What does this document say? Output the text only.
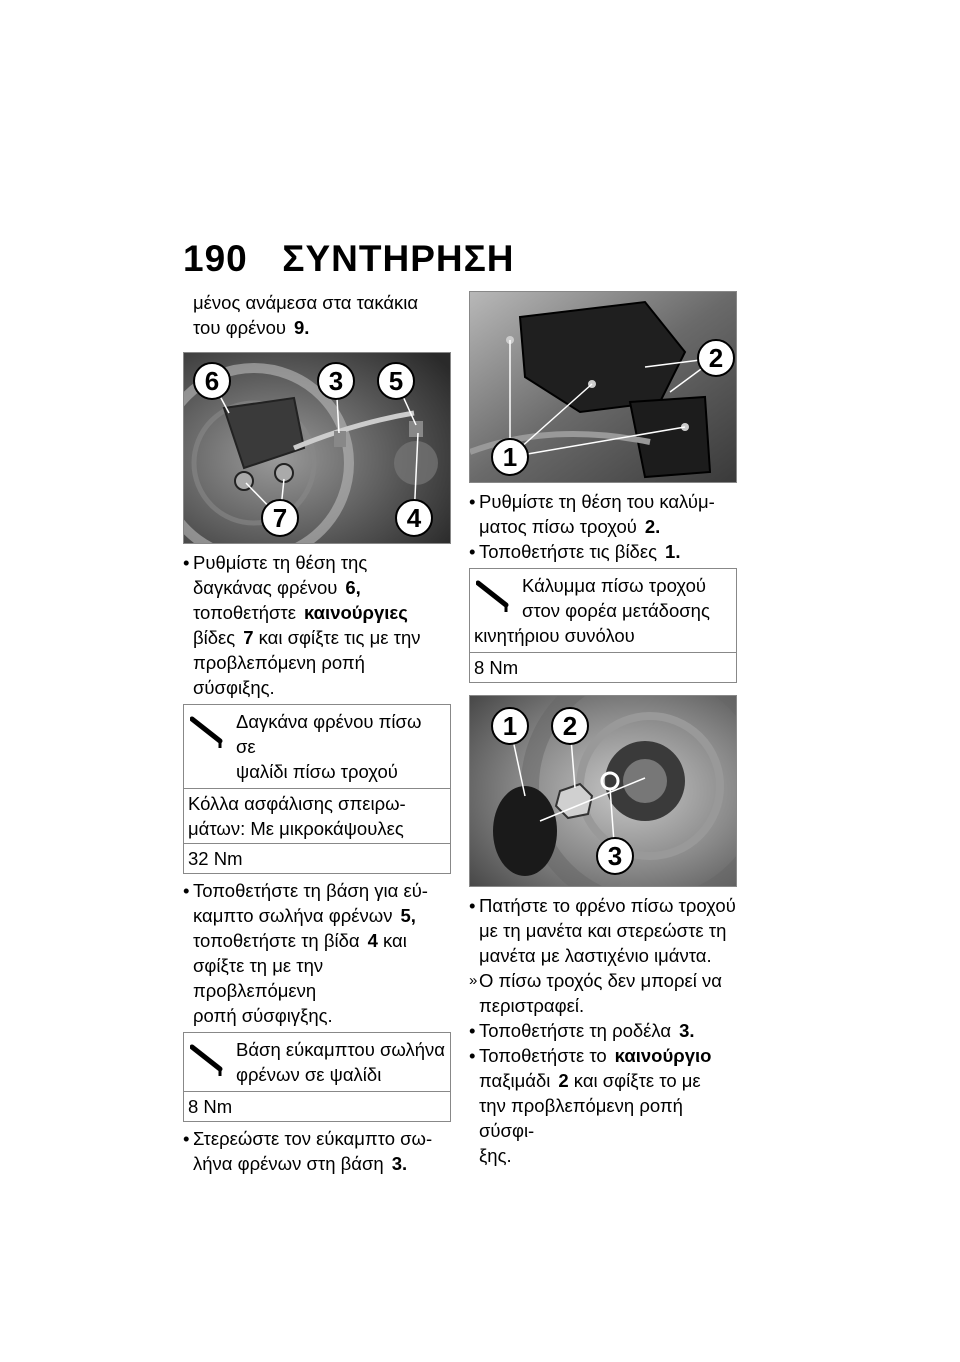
190 ΣΥΝΤΗΡΗΣΗ
μένος ανάμεσα στα τακάκια
του φρένου 9.
6	3 5
7	4
• Ρυθμίστε τη θέση της
δαγκάνας φρένου 6,
τοποθετήστε καινούργιες
βίδες 7 και σφίξτε τις με την
προβλεπόμενη ροπή σύσφιξης.
Δαγκάνα φρένου πίσω σε
ψαλίδι πίσω τροχού
Κόλλα ασφάλισης σπειρω-
μάτων: Με μικροκάψουλες
32 Nm
• Τοποθετήστε τη βάση για εύ-
καμπτο σωλήνα φρένων 5,
τοποθετήστε τη βίδα 4 και
σφίξτε τη με την προβλεπόμενη
ροπή σύσφιγξης.
Βάση εύκαμπτου σωλήνα
φρένων σε ψαλίδι
8 Nm
• Στερεώστε τον εύκαμπτο σω-
λήνα φρένων στη βάση 3.
2
1
• Ρυθμίστε τη θέση του καλύμ-
ματος πίσω τροχού 2.
• Τοποθετήστε τις βίδες 1.
Κάλυμμα πίσω τροχού
στον φορέα μετάδοσης
κινητήριου συνόλου
8 Nm
1 2
3
• Πατήστε το φρένο πίσω τροχού
με τη μανέτα και στερεώστε τη
μανέτα με λαστιχένιο ιμάντα.
» Ο πίσω τροχός δεν μπορεί να
περιστραφεί.
• Τοποθετήστε τη ροδέλα 3.
• Τοποθετήστε το καινούργιο
παξιμάδι 2 και σφίξτε το με
την προβλεπόμενη ροπή σύσφι-
ξης.
